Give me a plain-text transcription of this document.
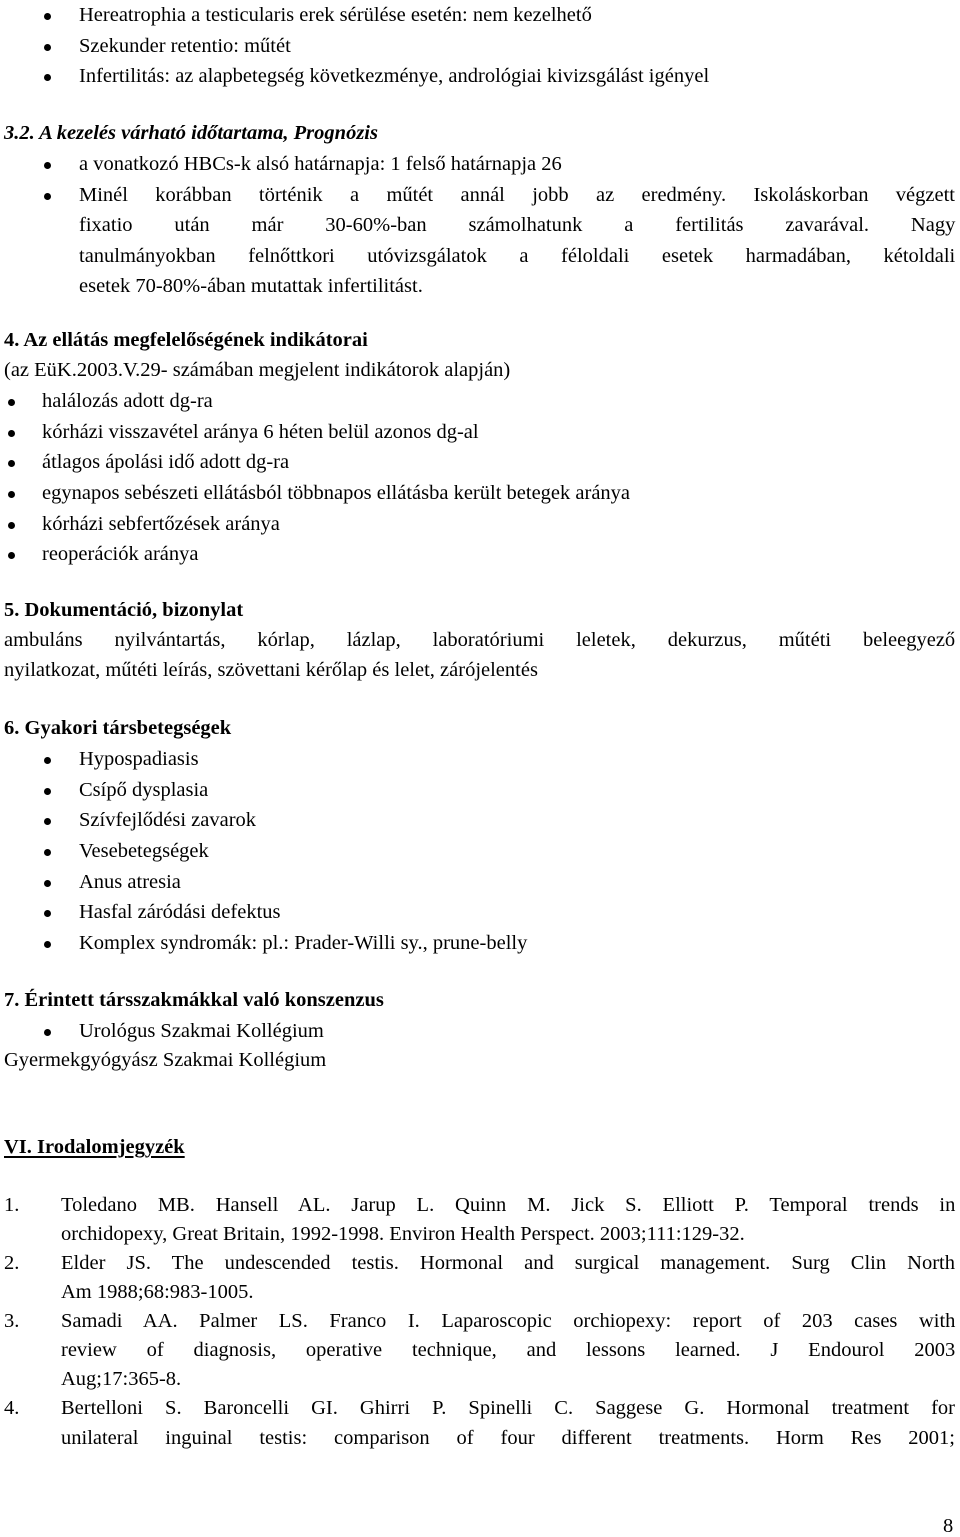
Hereatrophia a testicularis erek sérülése esetén: nem kezelhető
Szekunder retentio: műtét
Infertilitás: az alapbetegség következménye, andrológiai kivizsgálást igényel
3.2. A kezelés várható időtartama, Prognózis
a vonatkozó HBCs-k alsó határnapja: 1 felső határnapja 26
Minél korábban történik a műtét annál jobb az eredmény. Iskoláskorban végzett
fixatio után már 30-60%-ban számolhatunk a fertilitás zavarával. Nagy
tanulmányokban felnőttkori utóvizsgálatok a féloldali esetek harmadában, kétoldali
esetek 70-80%-ában mutattak infertilitást.
4. Az ellátás megfelelőségének indikátorai
(az EüK.2003.V.29- számában megjelent indikátorok alapján)
halálozás adott dg-ra
kórházi visszavétel aránya 6 héten belül azonos dg-al
átlagos ápolási idő adott dg-ra
egynapos sebészeti ellátásból többnapos ellátásba került betegek aránya
kórházi sebfertőzések aránya
reoperációk aránya
5. Dokumentáció, bizonylat
ambuláns nyilvántartás, kórlap, lázlap, laboratóriumi leletek, dekurzus, műtéti beleegyező
nyilatkozat, műtéti leírás, szövettani kérőlap és lelet, zárójelentés
6. Gyakori társbetegségek
Hypospadiasis
Csípő dysplasia
Szívfejlődési zavarok
Vesebetegségek
Anus atresia
Hasfal záródási defektus
Komplex syndromák: pl.: Prader-Willi sy., prune-belly
7. Érintett társszakmákkal való konszenzus
Urológus Szakmai Kollégium
Gyermekgyógyász Szakmai Kollégium
VI. Irodalomjegyzék
1. Toledano MB. Hansell AL. Jarup L. Quinn M. Jick S. Elliott P. Temporal trends in
orchidopexy, Great Britain, 1992-1998. Environ Health Perspect. 2003;111:129-32.
2. Elder JS. The undescended testis. Hormonal and surgical management. Surg Clin North
Am 1988;68:983-1005.
3. Samadi AA. Palmer LS. Franco I. Laparoscopic orchiopexy: report of 203 cases with
review of diagnosis, operative technique, and lessons learned. J Endourol 2003
Aug;17:365-8.
4. Bertelloni S. Baroncelli GI. Ghirri P. Spinelli C. Saggese G. Hormonal treatment for
unilateral inguinal testis: comparison of four different treatments. Horm Res 2001;
8
